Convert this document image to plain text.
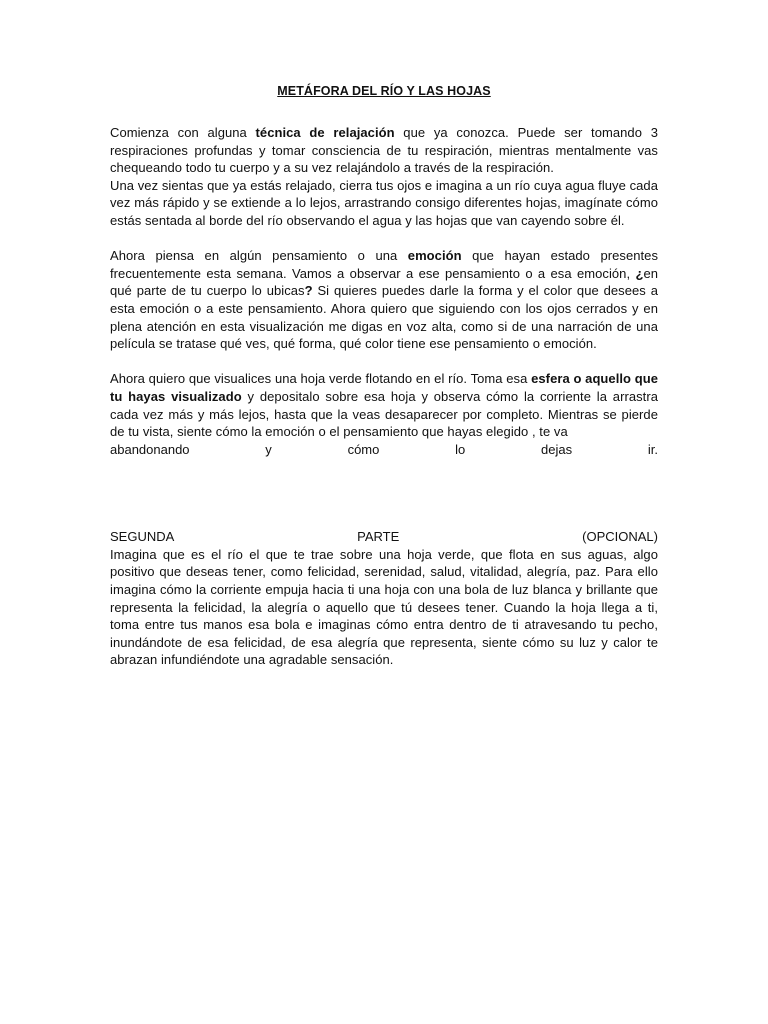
METÁFORA DEL RÍO Y LAS HOJAS

Comienza con alguna técnica de relajación que ya conozca. Puede ser tomando 3 respiraciones profundas y tomar consciencia de tu respiración, mientras mentalmente vas chequeando todo tu cuerpo y a su vez relajándolo a través de la respiración.

Una vez sientas que ya estás relajado, cierra tus ojos e imagina a un río cuya agua fluye cada vez más rápido y se extiende a lo lejos, arrastrando consigo diferentes hojas, imagínate cómo estás sentada al borde del río observando el agua y las hojas que van cayendo sobre él.

Ahora piensa en algún pensamiento o una emoción que hayan estado presentes frecuentemente esta semana. Vamos a observar a ese pensamiento o a esa emoción, ¿en qué parte de tu cuerpo lo ubicas? Si quieres puedes darle la forma y el color que desees a esta emoción o a este pensamiento. Ahora quiero que siguiendo con los ojos cerrados y en plena atención en esta visualización me digas en voz alta, como si de una narración de una película se tratase qué ves, qué forma, qué color tiene ese pensamiento o emoción.

Ahora quiero que visualices una hoja verde flotando en el río. Toma esa esfera o aquello que tu hayas visualizado y depositalo sobre esa hoja y observa cómo la corriente la arrastra cada vez más y más lejos, hasta que la veas desaparecer por completo. Mientras se pierde de tu vista, siente cómo la emoción o el pensamiento que hayas elegido , te va

abandonando	y	cómo	lo	dejas	ir.
SEGUNDA	PARTE	(OPCIONAL)

Imagina que es el río el que te trae sobre una hoja verde, que flota en sus aguas, algo positivo que deseas tener, como felicidad, serenidad, salud, vitalidad, alegría, paz. Para ello imagina cómo la corriente empuja hacia ti una hoja con una bola de luz blanca y brillante que representa la felicidad, la alegría o aquello que tú desees tener. Cuando la hoja llega a ti, toma entre tus manos esa bola e imaginas cómo entra dentro de ti atravesando tu pecho, inundándote de esa felicidad, de esa alegría que representa, siente cómo su luz y calor te abrazan infundiéndote una agradable sensación.
